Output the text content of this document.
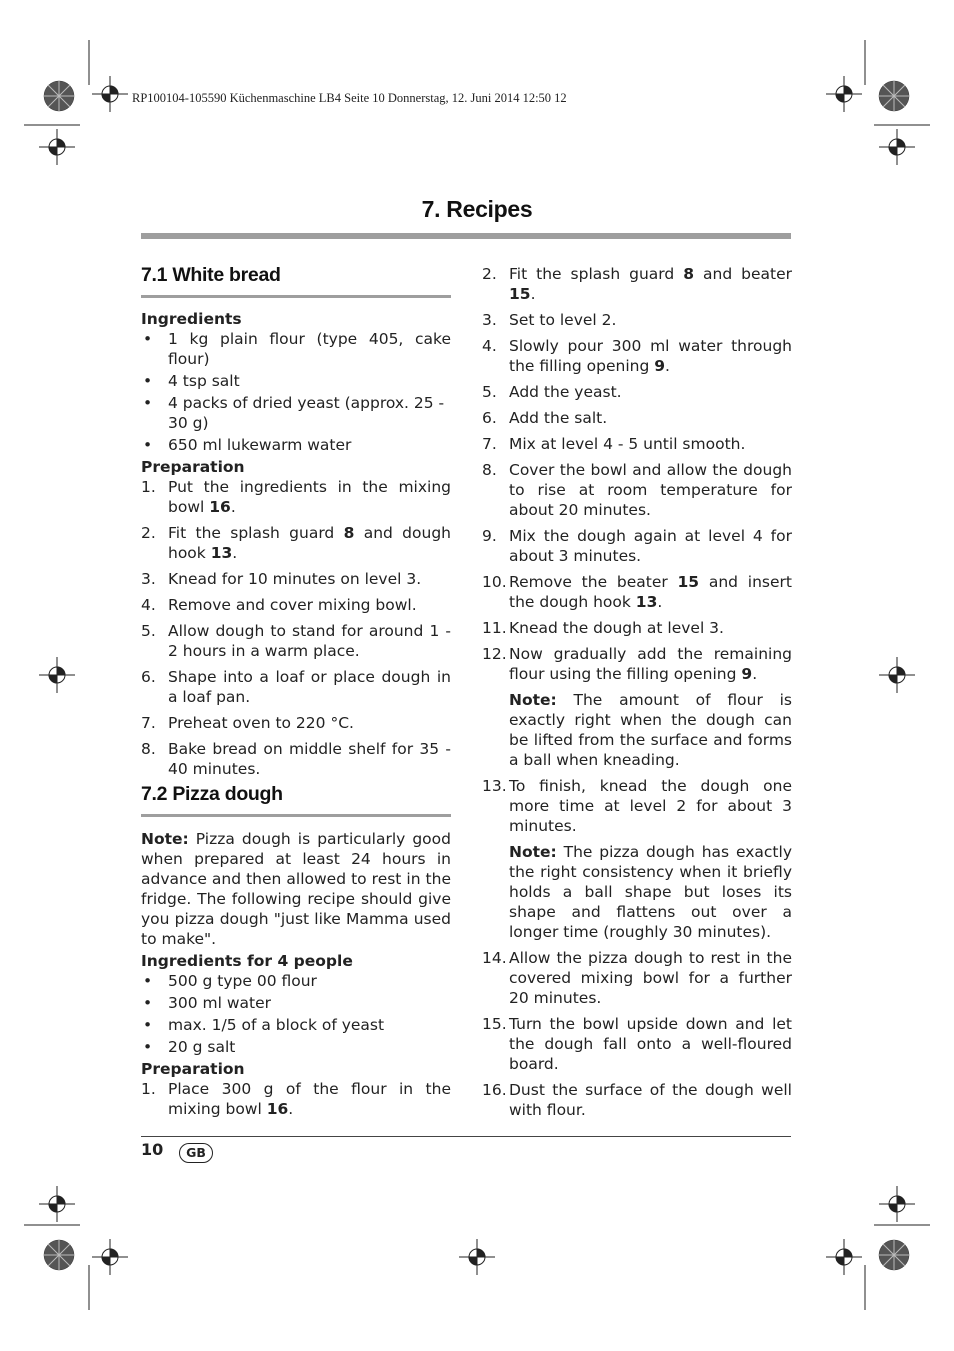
RP100104-105590 Küchenmaschine LB4 Seite 10 Donnerstag, 12. Juni 2014 12:50 12
7. Recipes
7.1 White bread

Ingredients

• 1 kg plain flour (type 405, cake flour)
• 4 tsp salt
• 4 packs of dried yeast (approx. 25 - 30 g)
• 650 ml lukewarm water

Preparation

1. Put the ingredients in the mixing bowl 16.
2. Fit the splash guard 8 and dough hook 13.
3. Knead for 10 minutes on level 3.
4. Remove and cover mixing bowl.
5. Allow dough to stand for around 1 - 2 hours in a warm place.
6. Shape into a loaf or place dough in a loaf pan.
7. Preheat oven to 220 °C.
8. Bake bread on middle shelf for 35 - 40 minutes.
7.2 Pizza dough
Note: Pizza dough is particularly good when prepared at least 24 hours in advance and then allowed to rest in the fridge. The following recipe should give you pizza dough "just like Mamma used to make".

Ingredients for 4 people

• 500 g type 00 flour
• 300 ml water
• max. 1/5 of a block of yeast
• 20 g salt

Preparation

1. Place 300 g of the flour in the mixing bowl 16.
2. Fit the splash guard 8 and beater 15.
3. Set to level 2.
4. Slowly pour 300 ml water through the filling opening 9.
5. Add the yeast.
6. Add the salt.
7. Mix at level 4 - 5 until smooth.
8. Cover the bowl and allow the dough to rise at room temperature for about 20 minutes.
9. Mix the dough again at level 4 for about 3 minutes.
10. Remove the beater 15 and insert the dough hook 13.
11. Knead the dough at level 3.
12. Now gradually add the remaining flour using the filling opening 9.
Note: The amount of flour is exactly right when the dough can be lifted from the surface and forms a ball when kneading.
13. To finish, knead the dough one more time at level 2 for about 3 minutes.
Note: The pizza dough has exactly the right consistency when it briefly holds a ball shape but loses its shape and flattens out over a longer time (roughly 30 minutes).
14. Allow the pizza dough to rest in the covered mixing bowl for a further 20 minutes.
15. Turn the bowl upside down and let the dough fall onto a well-floured board.
16. Dust the surface of the dough well with flour.
10	GB
